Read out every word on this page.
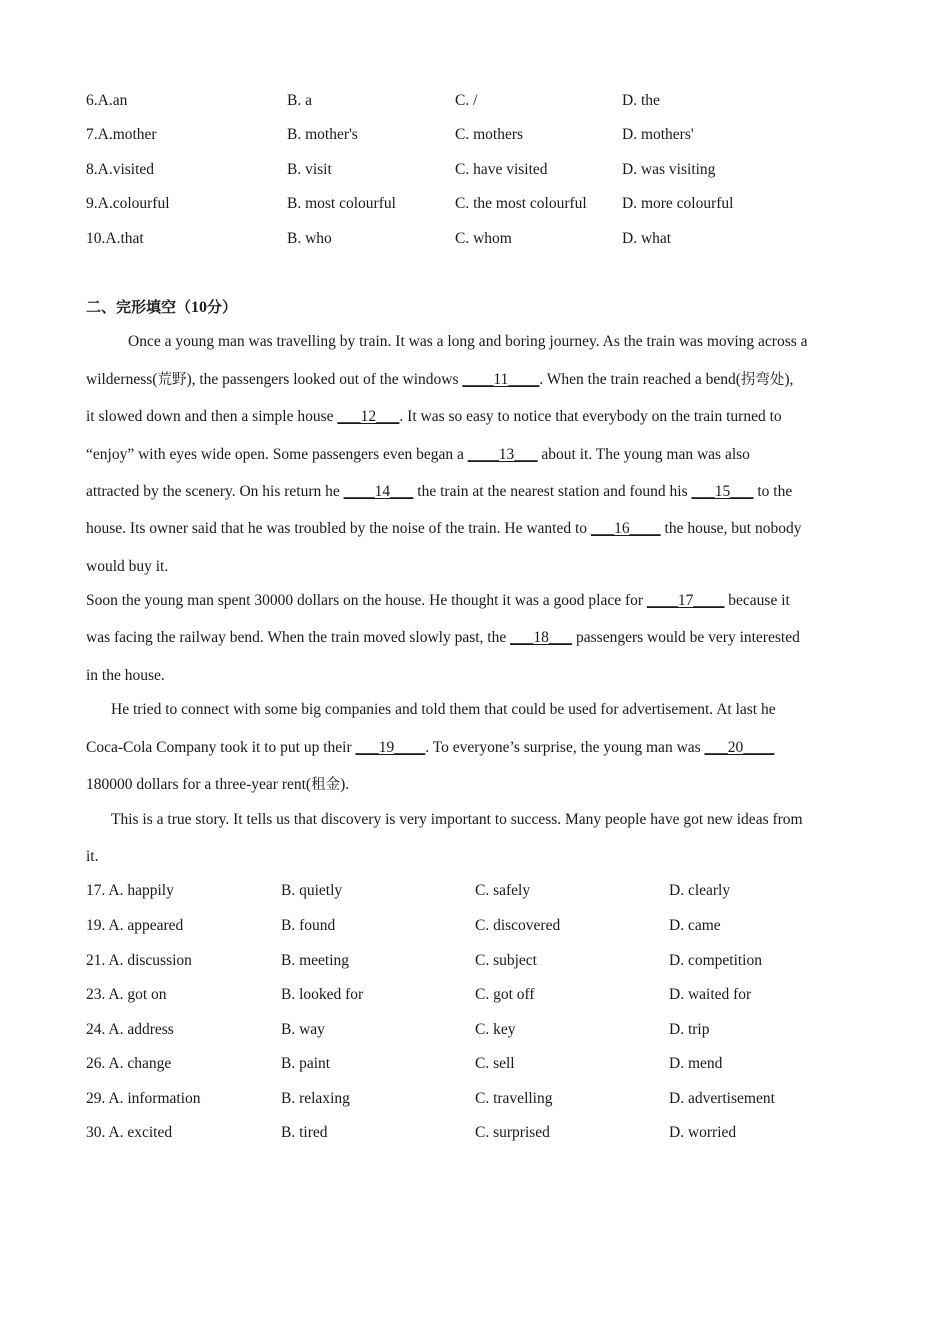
6.A.an	B. a	C. /	D. the
7.A.mother	B. mother's	C. mothers	D. mothers'
8.A.visited	B. visit	C. have visited	D. was visiting
9.A.colourful	B. most colourful	C. the most colourful D. more colourful
10.A.that	B. who	C. whom	D. what
二、完形填空（10分）
Once a young man was travelling by train. It was a long and boring journey. As the train was moving across a
wilderness(荒野), the passengers looked out of the windows ____11____. When the train reached a bend(拐弯处),
it slowed down and then a simple house ___12___. It was so easy to notice that everybody on the train turned to
“enjoy” with eyes wide open. Some passengers even began a ____13___ about it. The young man was also
attracted by the scenery. On his return he ____14___ the train at the nearest station and found his ___15___ to the
house. Its owner said that he was troubled by the noise of the train. He wanted to ___16____ the house, but nobody
would buy it.
Soon the young man spent 30000 dollars on the house. He thought it was a good place for ____17____ because it
was facing the railway bend. When the train moved slowly past, the ___18___ passengers would be very interested
in the house.
He tried to connect with some big companies and told them that could be used for advertisement. At last he
Coca-Cola Company took it to put up their ___19____. To everyone’s surprise, the young man was ___20____
180000 dollars for a three-year rent(租金).
This is a true story. It tells us that discovery is very important to success. Many people have got new ideas from
it.
17. A. happily	B. quietly	C. safely	D. clearly
19. A. appeared	B. found	C. discovered	D. came
21. A. discussion	B. meeting	C. subject	D. competition
23. A. got on	B. looked for	C. got off	D. waited for
24. A. address	B. way	C. key	D. trip
26. A. change	B. paint	C. sell	D. mend
29. A. information	B. relaxing	C. travelling	D. advertisement
30. A. excited	B. tired	C. surprised	D. worried
